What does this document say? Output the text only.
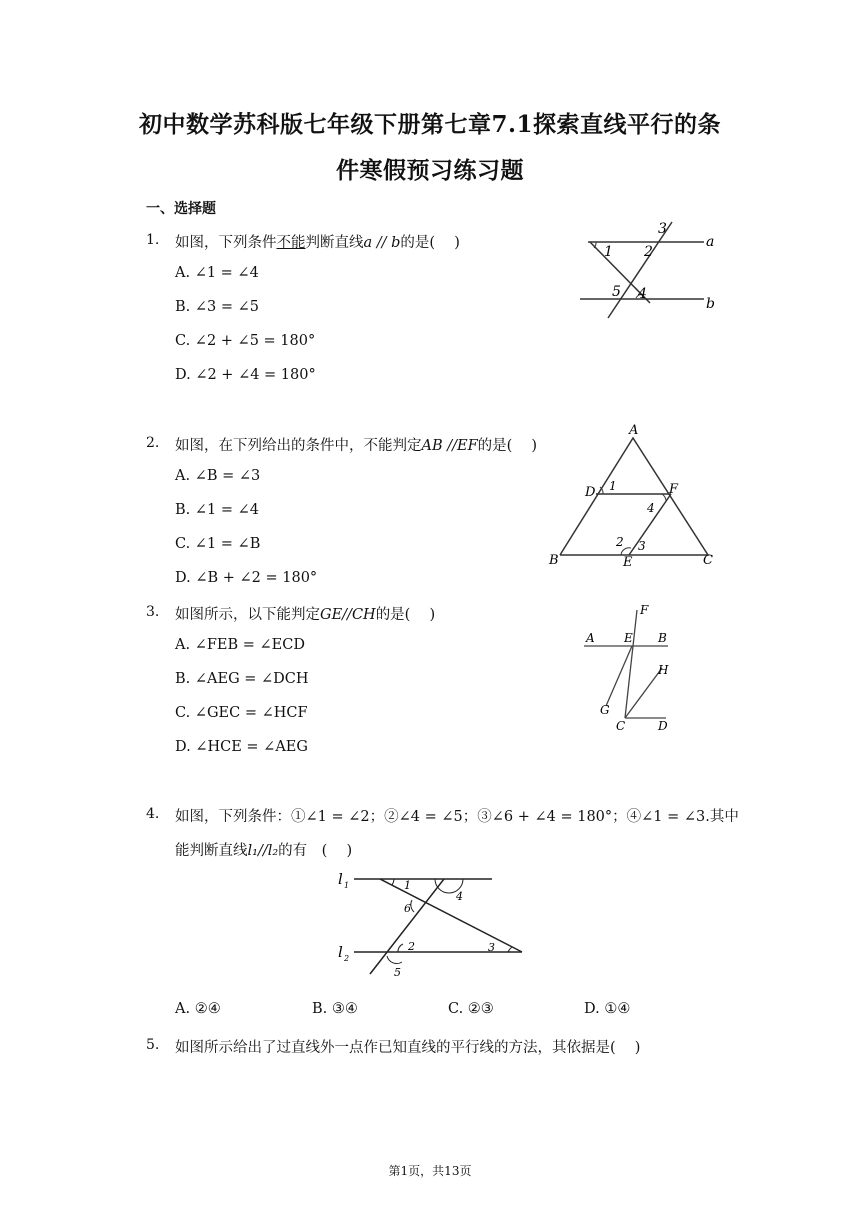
初中数学苏科版七年级下册第七章7.1探索直线平行的条
件寒假预习练习题
一、选择题
1. 如图，下列条件不能判断直线a // b的是(　 )
A. ∠1 = ∠4
B. ∠3 = ∠5
C. ∠2 + ∠5 = 180°
D. ∠2 + ∠4 = 180°
1 2
3
4
5
a
b
2. 如图，在下列给出的条件中，不能判定AB //EF的是(　 )
A. ∠B = ∠3
B. ∠1 = ∠4
C. ∠1 = ∠B
D. ∠B + ∠2 = 180°
A
D	F
B	E	C
1
4
2 3
3. 如图所示，以下能判定GE//CH的是(　 )
A. ∠FEB = ∠ECD
B. ∠AEG = ∠DCH
C. ∠GEC = ∠HCF
D. ∠HCE = ∠AEG
F
A E B
H
G
C	D
4. 如图，下列条件：①∠1 = ∠2；②∠4 = ∠5；③∠6 + ∠4 = 180°；④∠1 = ∠3.其中
能判断直线l₁//l₂的有　(　 )
l 1
l 2
1
4
6
2	3
5
A. ②④	B. ③④	C. ②③	D. ①④
5. 如图所示给出了过直线外一点作已知直线的平行线的方法，其依据是(　 )
第1页，共13页
